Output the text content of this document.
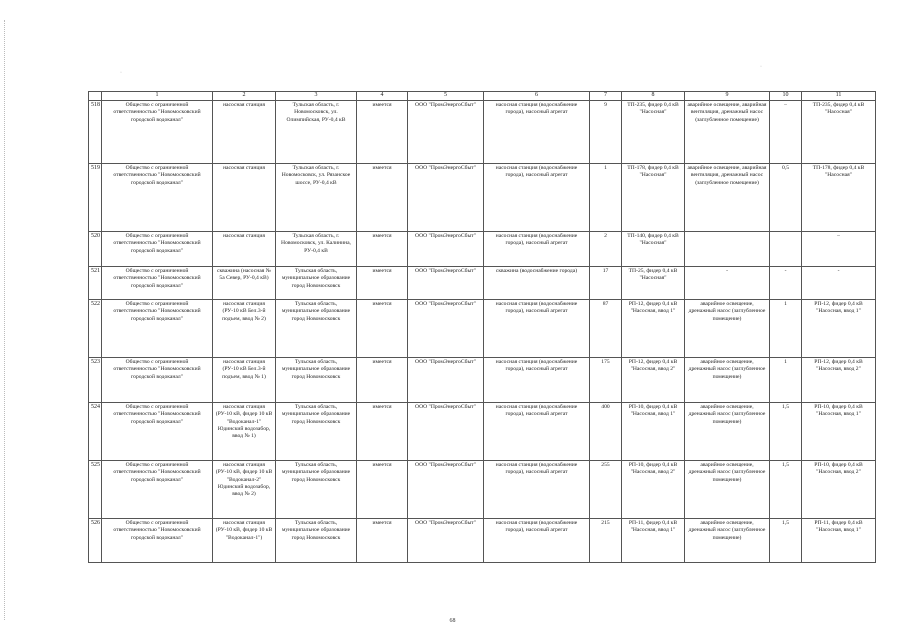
·
·
	1	2	3	4	5	6	7	8	9	10	11
518	Общество с ограниченной ответственностью "Новомосковский городской водоканал"	насосная станция	Тульская область, г. Новомосковск, ул. Олимпийская, РУ-0,4 кВ	имеется	ООО "ПромЭнергоСбыт"	насосная станция (водоснабжение города), насосный агрегат	9	ТП-235, фидер 0,4 кВ "Насосная"	аварийное освещение, аварийная вентиляция, дренажный насос (заглубленное помещение)	–	ТП-235, фидер 0,4 кВ "Насосная"
519	Общество с ограниченной ответственностью "Новомосковский городской водоканал"	насосная станция	Тульская область, г. Новомосковск, ул. Рязанское шоссе, РУ-0,4 кВ	имеется	ООО "ПромЭнергоСбыт"	насосная станция (водоснабжение города), насосный агрегат	1	ТП-178, фидер 0,4 кВ "Насосная"	аварийное освещение, аварийная вентиляция, дренажный насос (заглубленное помещение)	0,5	ТП-178, фидер 0,4 кВ "Насосная"
520	Общество с ограниченной ответственностью "Новомосковский городской водоканал"	насосная станция	Тульская область, г. Новомосковск, ул. Калинина, РУ-0,4 кВ	имеется	ООО "ПромЭнергоСбыт"	насосная станция (водоснабжение города), насосный агрегат	2	ТП-140, фидер 0,4 кВ "Насосная"			–
521	Общество с ограниченной ответственностью "Новомосковский городской водоканал"	скважина (насосная № 5а Север, РУ-0,4 кВ)	Тульская область, муниципальное образование город Новомосковск	имеется	ООО "ПромЭнергоСбыт"	скважина (водоснабжение города)	17	ТП-25, фидер 0,4 кВ "Насосная"	-	-	-
522	Общество с ограниченной ответственностью "Новомосковский городской водоканал"	насосная станция (РУ-10 кВ Бел.3-й подъем, ввод № 2)	Тульская область, муниципальное образование город Новомосковск	имеется	ООО "ПромЭнергоСбыт"	насосная станция (водоснабжение города), насосный агрегат	87	РП-12, фидер 0,4 кВ "Насосная, ввод 1"	аварийное освещение, дренажный насос (заглубленное помещение)	1	РП-12, фидер 0,4 кВ "Насосная, ввод 1"
523	Общество с ограниченной ответственностью "Новомосковский городской водоканал"	насосная станция (РУ-10 кВ Бел.3-й подъем, ввод № 1)	Тульская область, муниципальное образование город Новомосковск	имеется	ООО "ПромЭнергоСбыт"	насосная станция (водоснабжение города), насосный агрегат	175	РП-12, фидер 0,4 кВ "Насосная, ввод 2"	аварийное освещение, дренажный насос (заглубленное помещение)	1	РП-12, фидер 0,4 кВ "Насосная, ввод 2"
524	Общество с ограниченной ответственностью "Новомосковский городской водоканал"	насосная станция (РУ-10 кВ, фидер 10 кВ "Водоканал-1" Юдинский водозабор, ввод № 1)	Тульская область, муниципальное образование город Новомосковск	имеется	ООО "ПромЭнергоСбыт"	насосная станция (водоснабжение города), насосный агрегат	400	РП-10, фидер 0,4 кВ "Насосная, ввод 1"	аварийное освещение, дренажный насос (заглубленное помещение)	1,5	РП-10, фидер 0,4 кВ "Насосная, ввод 1"
525	Общество с ограниченной ответственностью "Новомосковский городской водоканал"	насосная станция (РУ-10 кВ, фидер 10 кВ "Водоканал-2" Юдинский водозабор, ввод № 2)	Тульская область, муниципальное образование город Новомосковск	имеется	ООО "ПромЭнергоСбыт"	насосная станция (водоснабжение города), насосный агрегат	255	РП-10, фидер 0,4 кВ "Насосная, ввод 2"	аварийное освещение, дренажный насос (заглубленное помещение)	1,5	РП-10, фидер 0,4 кВ "Насосная, ввод 2"
526	Общество с ограниченной ответственностью "Новомосковский городской водоканал"	насосная станция (РУ-10 кВ, фидер 10 кВ "Водоканал-1")	Тульская область, муниципальное образование город Новомосковск	имеется	ООО "ПромЭнергоСбыт"	насосная станция (водоснабжение города), насосный агрегат	215	РП-11, фидер 0,4 кВ "Насосная, ввод 1"	аварийное освещение, дренажный насос (заглубленное помещение)	1,5	РП-11, фидер 0,4 кВ "Насосная, ввод 1"
68
